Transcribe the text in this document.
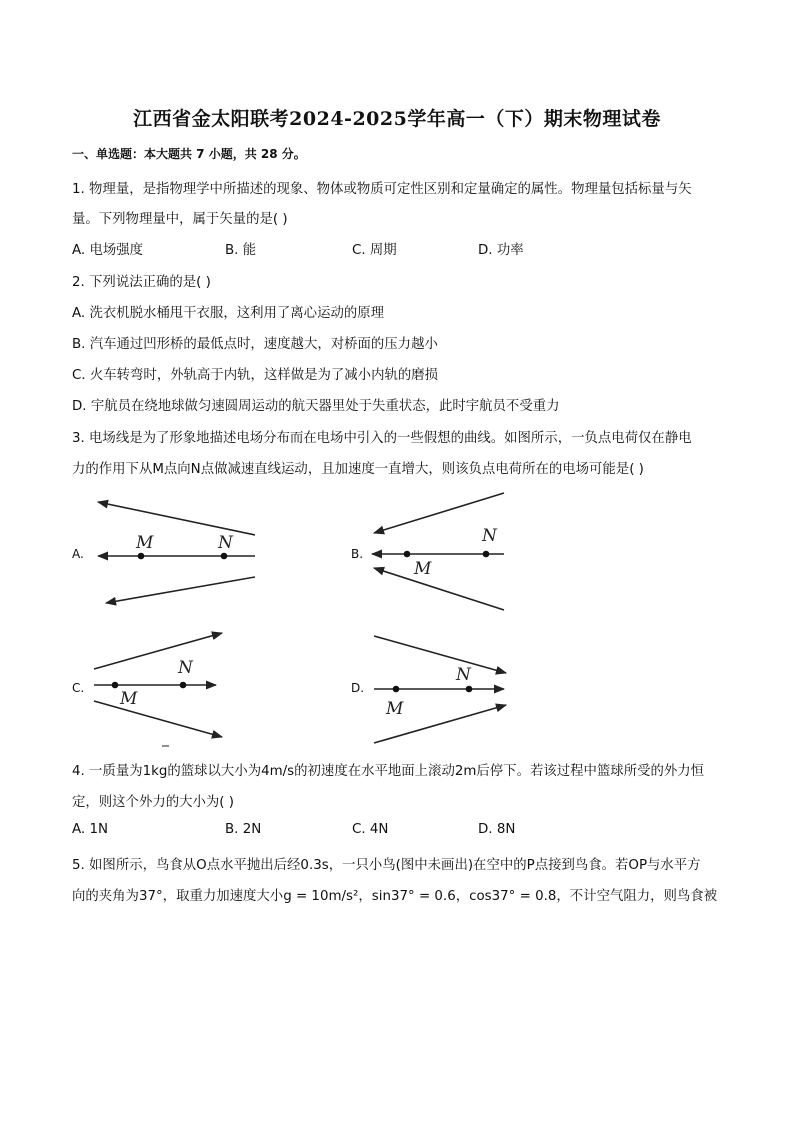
江西省金太阳联考2024-2025学年高一（下）期末物理试卷
一、单选题：本大题共 7 小题，共 28 分。
1. 物理量，是指物理学中所描述的现象、物体或物质可定性区别和定量确定的属性。物理量包括标量与矢
量。下列物理量中，属于矢量的是( )
A. 电场强度	B. 能	C. 周期	D. 功率
2. 下列说法正确的是( )
A. 洗衣机脱水桶甩干衣服，这利用了离心运动的原理
B. 汽车通过凹形桥的最低点时，速度越大，对桥面的压力越小
C. 火车转弯时，外轨高于内轨，这样做是为了减小内轨的磨损
D. 宇航员在绕地球做匀速圆周运动的航天器里处于失重状态，此时宇航员不受重力
3. 电场线是为了形象地描述电场分布而在电场中引入的一些假想的曲线。如图所示，一负点电荷仅在静电
力的作用下从M点向N点做减速直线运动，且加速度一直增大，则该负点电荷所在的电场可能是( )
A.
M	N
B.
M
N
C.
M
N
D.
M
N
4. 一质量为1kg的篮球以大小为4m/s的初速度在水平地面上滚动2m后停下。若该过程中篮球所受的外力恒
定，则这个外力的大小为( )
A. 1N	B. 2N	C. 4N	D. 8N
5. 如图所示，鸟食从O点水平抛出后经0.3s，一只小鸟(图中未画出)在空中的P点接到鸟食。若OP与水平方
向的夹角为37°，取重力加速度大小g = 10m/s²，sin37° = 0.6，cos37° = 0.8，不计空气阻力，则鸟食被
